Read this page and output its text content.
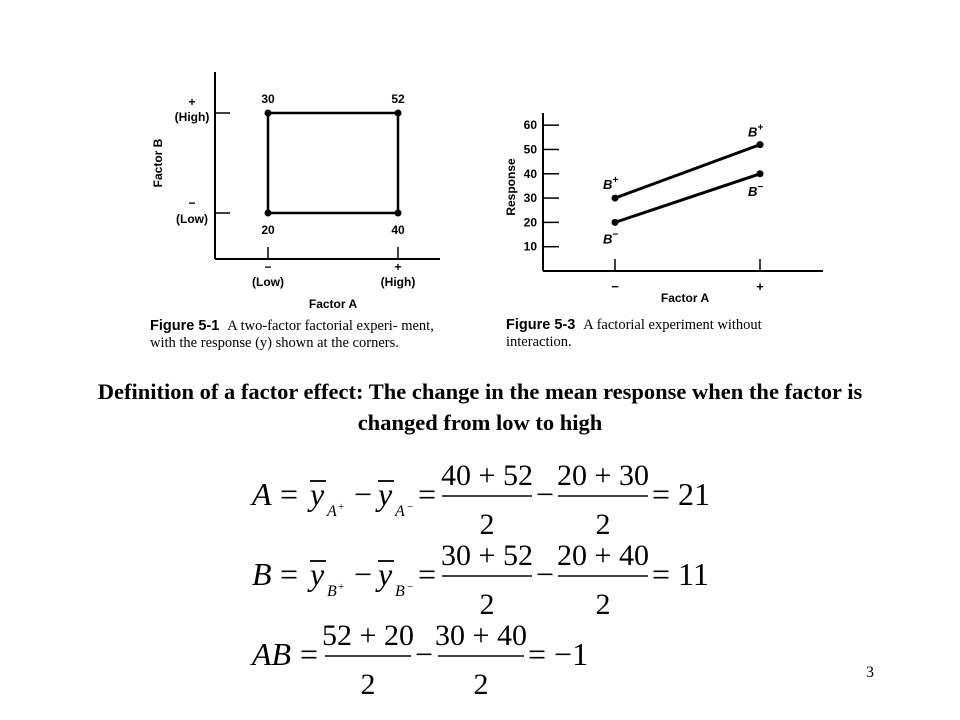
30	52
20	40
+
(High)
−
(Low)
Factor B
−
(Low)
+
(High)
Factor A
Figure 5-1 A two-factor factorial experi- ment, with the response (y) shown at the corners.
10
20
30
40
50
60
−	+
B+
B+
B−
B−
Response
Factor A
Figure 5-3 A factorial experiment without interaction.
Definition of a factor effect: The change in the mean response when the factor is changed from low to high
A = y A + − y A − =
40 + 52
2
−
20 + 30
2
= 21
B = y B + − y B − =
30 + 52
2
−
20 + 40
2
= 11
AB =
52 + 20
2
−
30 + 40
2
= −1
3
